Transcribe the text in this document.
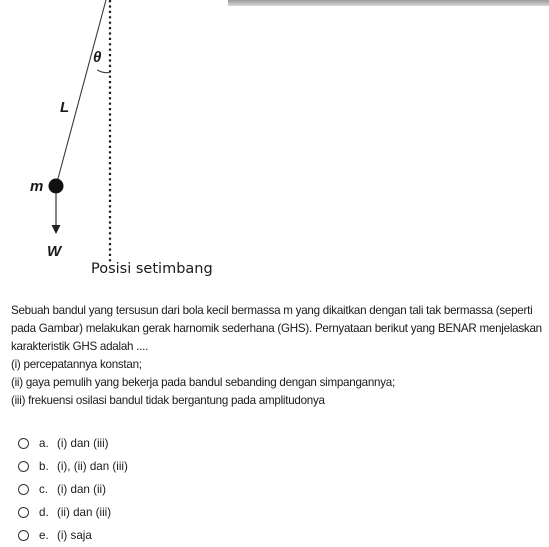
θ
L
m
W
Posisi setimbang

Sebuah bandul yang tersusun dari bola kecil bermassa m yang dikaitkan dengan tali tak bermassa (seperti pada Gambar) melakukan gerak harnomik sederhana (GHS). Pernyataan berikut yang BENAR menjelaskan karakteristik GHS adalah ....

(i) percepatannya konstan;

(ii) gaya pemulih yang bekerja pada bandul sebanding dengan simpangannya;

(iii) frekuensi osilasi bandul tidak bergantung pada amplitudonya

a. (i) dan (iii)
b. (i), (ii) dan (iii)
c. (i) dan (ii)
d. (ii) dan (iii)
e. (i) saja
